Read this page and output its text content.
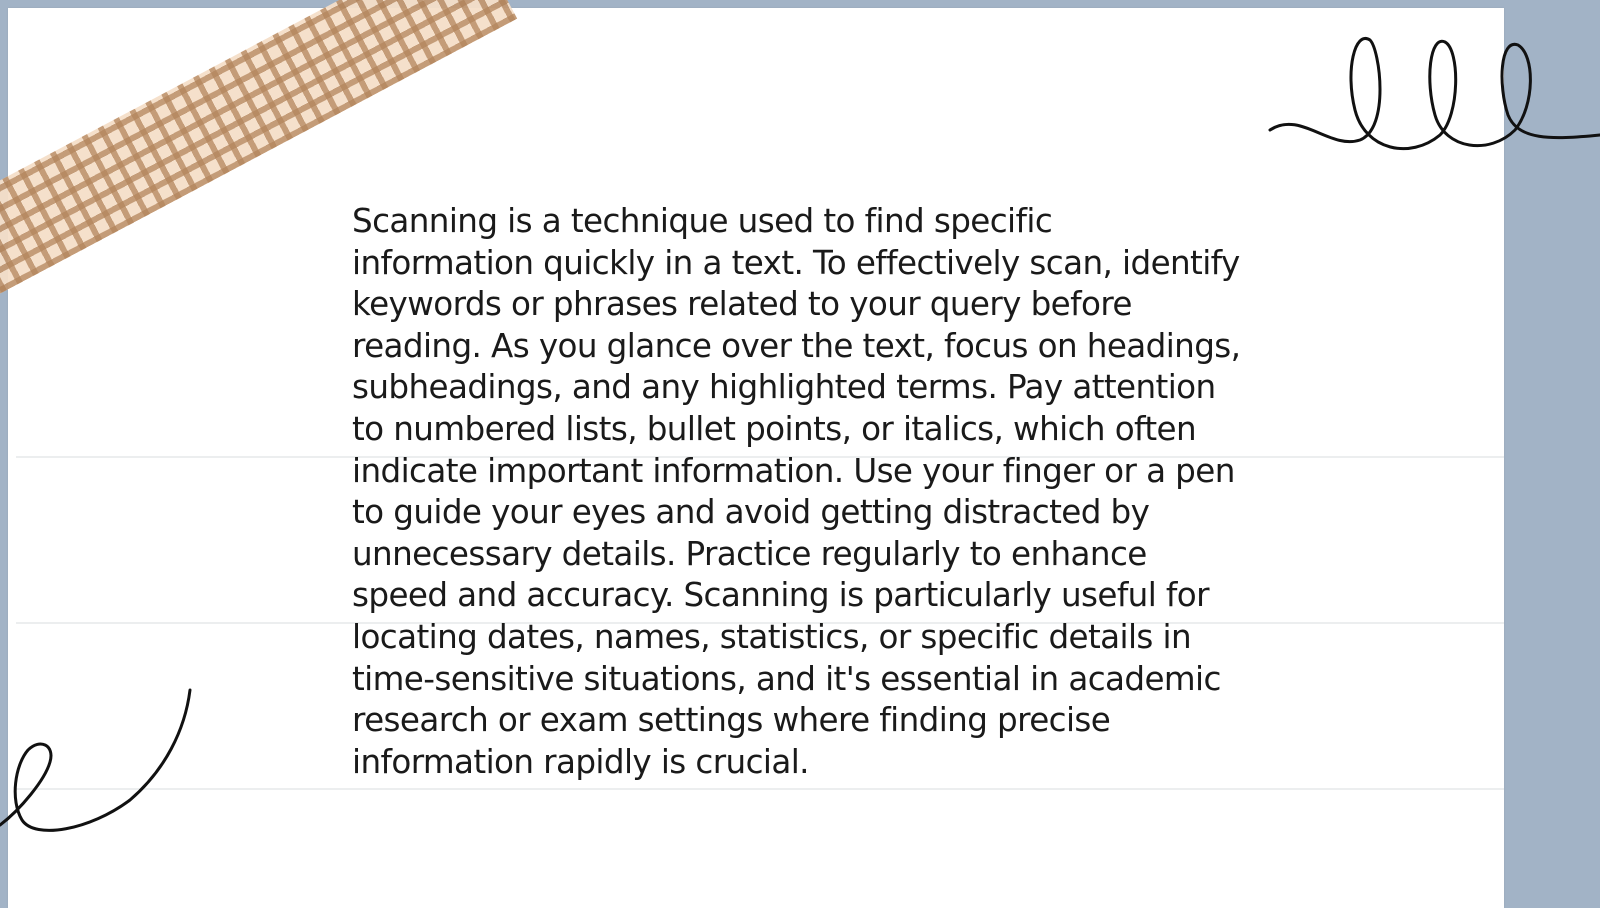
Scanning is a technique used to find specific information quickly in a text. To effectively scan, identify keywords or phrases related to your query before reading. As you glance over the text, focus on headings, subheadings, and any highlighted terms. Pay attention to numbered lists, bullet points, or italics, which often indicate important information. Use your finger or a pen to guide your eyes and avoid getting distracted by unnecessary details. Practice regularly to enhance speed and accuracy. Scanning is particularly useful for locating dates, names, statistics, or specific details in time-sensitive situations, and it's essential in academic research or exam settings where finding precise information rapidly is crucial.
